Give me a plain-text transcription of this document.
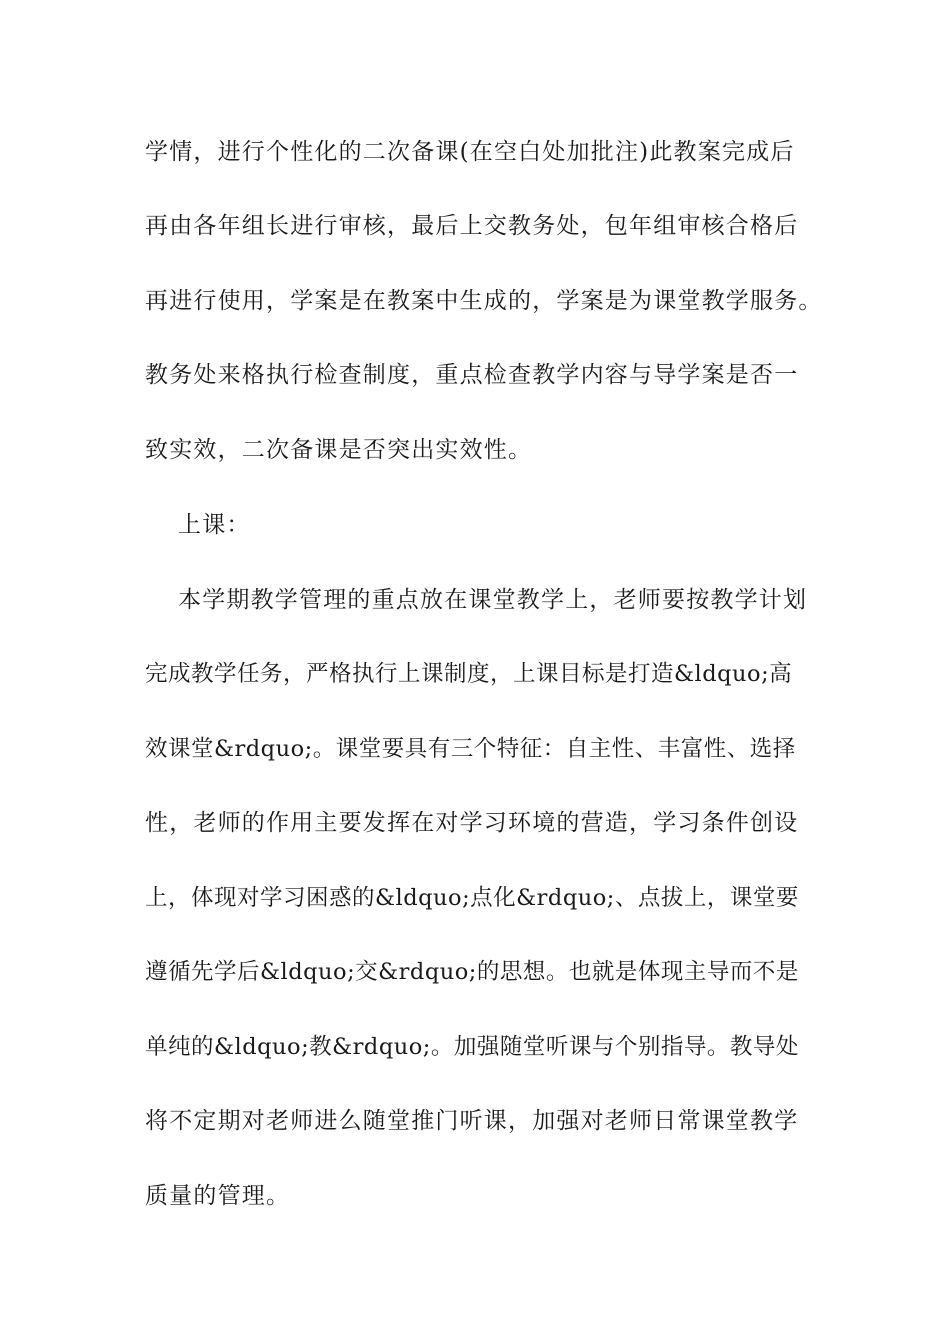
学情，进行个性化的二次备课(在空白处加批注)此教案完成后
再由各年组长进行审核，最后上交教务处，包年组审核合格后
再进行使用，学案是在教案中生成的，学案是为课堂教学服务。
教务处来格执行检查制度，重点检查教学内容与导学案是否一
致实效，二次备课是否突出实效性。
上课：
本学期教学管理的重点放在课堂教学上，老师要按教学计划
完成教学任务，严格执行上课制度，上课目标是打造&ldquo;高
效课堂&rdquo;。课堂要具有三个特征：自主性、丰富性、选择
性，老师的作用主要发挥在对学习环境的营造，学习条件创设
上，体现对学习困惑的&ldquo;点化&rdquo;、点拔上，课堂要
遵循先学后&ldquo;交&rdquo;的思想。也就是体现主导而不是
单纯的&ldquo;教&rdquo;。加强随堂听课与个别指导。教导处
将不定期对老师进么随堂推门听课，加强对老师日常课堂教学
质量的管理。
